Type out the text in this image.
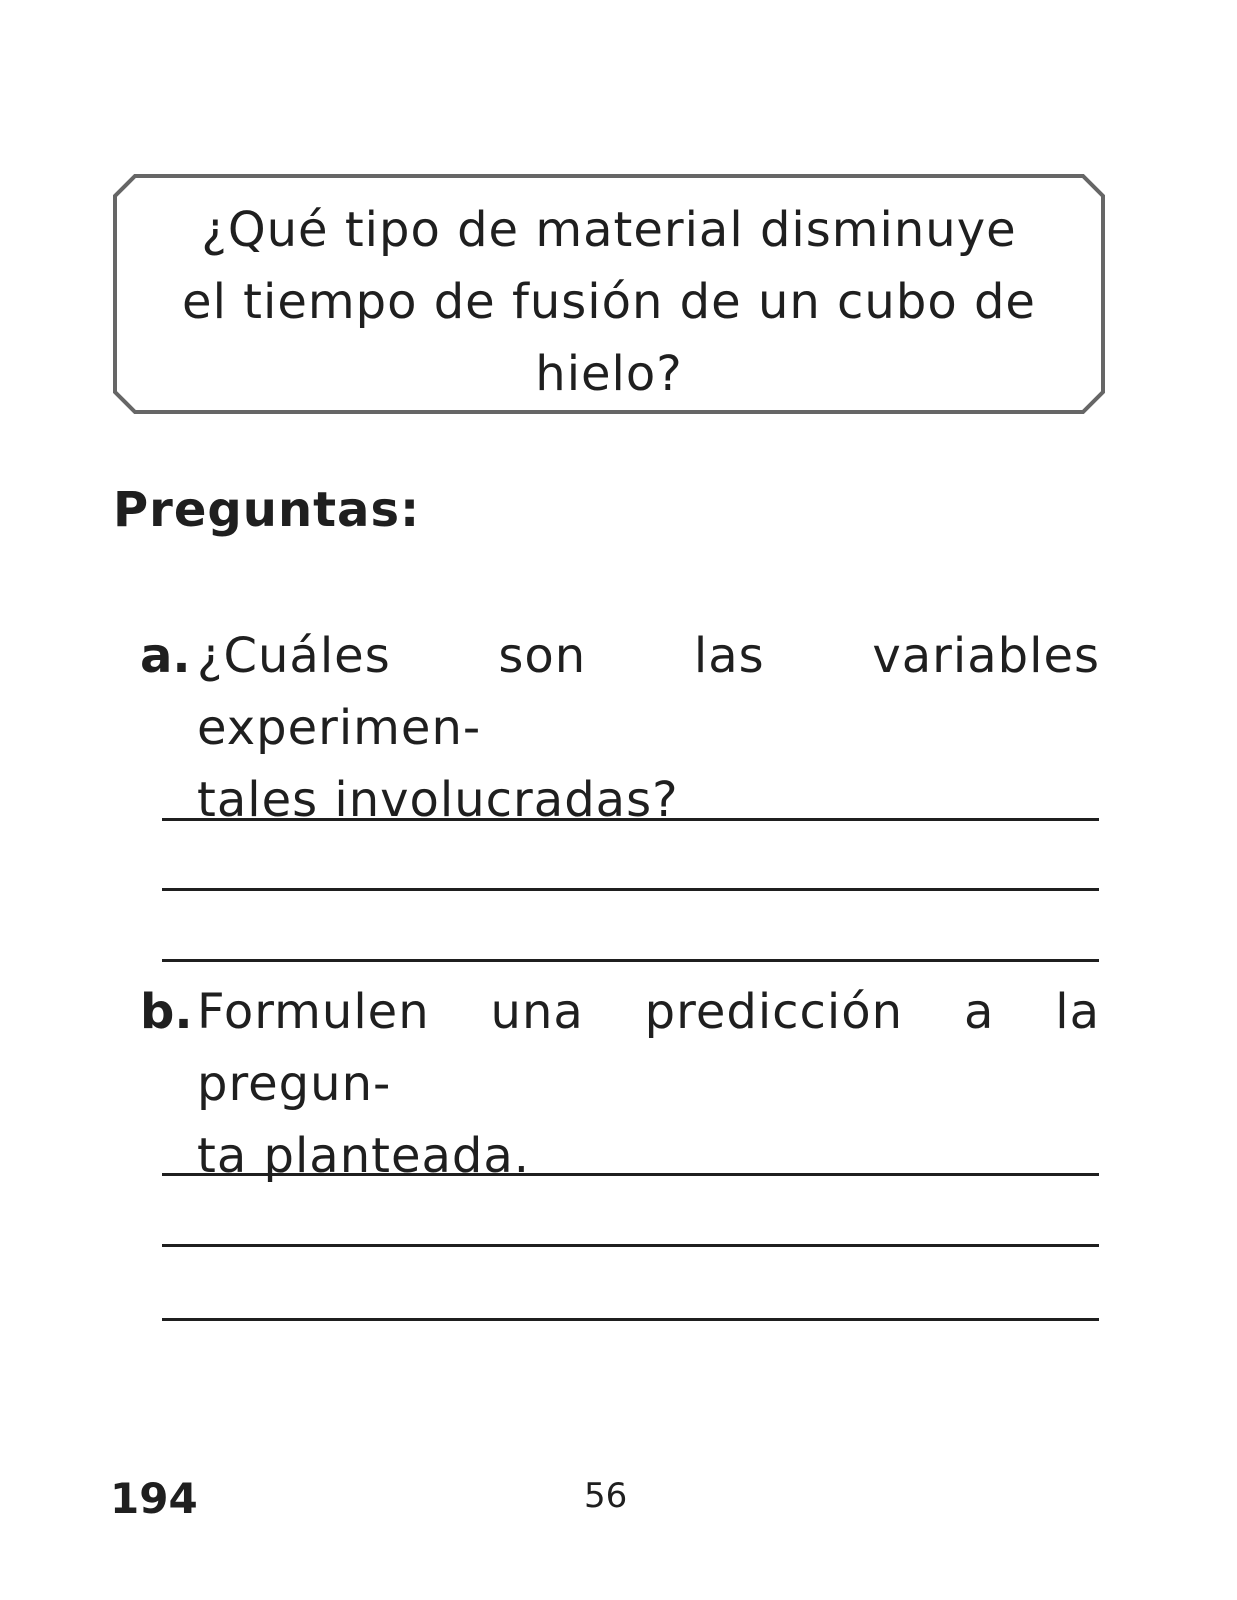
¿Qué tipo de material disminuye
el tiempo de fusión de un cubo de
hielo?
Preguntas:
a. ¿Cuáles son las variables experimen-
tales involucradas?
b. Formulen una predicción a la pregun-
ta planteada.
194	56
